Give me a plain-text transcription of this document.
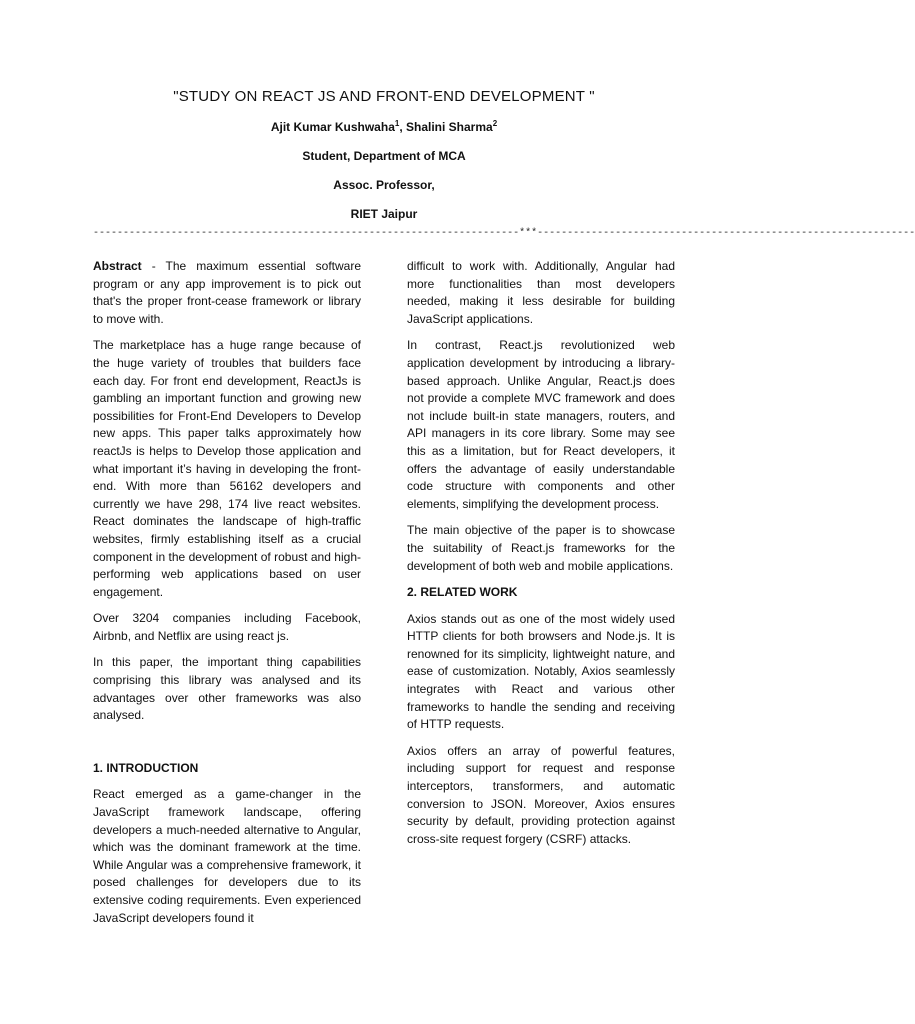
"STUDY ON REACT JS AND FRONT-END DEVELOPMENT "
Ajit Kumar Kushwaha$^1$, Shalini Sharma$^2$
Student, Department of MCA
Assoc. Professor,
RIET Jaipur
-----------------------------------------------------------------------***---------------------------------------------------------------

Abstract - The maximum essential software program or any app improvement is to pick out that's the proper front-cease framework or library to move with.

The marketplace has a huge range because of the huge variety of troubles that builders face each day. For front end development, ReactJs is gambling an important function and growing new possibilities for Front-End Developers to Develop new apps. This paper talks approximately how reactJs is helps to Develop those application and what important it’s having in developing the front-end. With more than 56162 developers and currently we have 298, 174 live react websites. React dominates the landscape of high-traffic websites, firmly establishing itself as a crucial component in the development of robust and high-performing web applications based on user engagement.

Over 3204 companies including Facebook, Airbnb, and Netflix are using react js.

In this paper, the important thing capabilities comprising this library was analysed and its advantages over other frameworks was also analysed.

1. INTRODUCTION

React emerged as a game-changer in the JavaScript framework landscape, offering developers a much-needed alternative to Angular, which was the dominant framework at the time. While Angular was a comprehensive framework, it posed challenges for developers due to its extensive coding requirements. Even experienced JavaScript developers found it

difficult to work with. Additionally, Angular had more functionalities than most developers needed, making it less desirable for building JavaScript applications.

In contrast, React.js revolutionized web application development by introducing a library-based approach. Unlike Angular, React.js does not provide a complete MVC framework and does not include built-in state managers, routers, and API managers in its core library. Some may see this as a limitation, but for React developers, it offers the advantage of easily understandable code structure with components and other elements, simplifying the development process.

The main objective of the paper is to showcase the suitability of React.js frameworks for the development of both web and mobile applications.

2. RELATED WORK

Axios stands out as one of the most widely used HTTP clients for both browsers and Node.js. It is renowned for its simplicity, lightweight nature, and ease of customization. Notably, Axios seamlessly integrates with React and various other frameworks to handle the sending and receiving of HTTP requests.

Axios offers an array of powerful features, including support for request and response interceptors, transformers, and automatic conversion to JSON. Moreover, Axios ensures security by default, providing protection against cross-site request forgery (CSRF) attacks.
